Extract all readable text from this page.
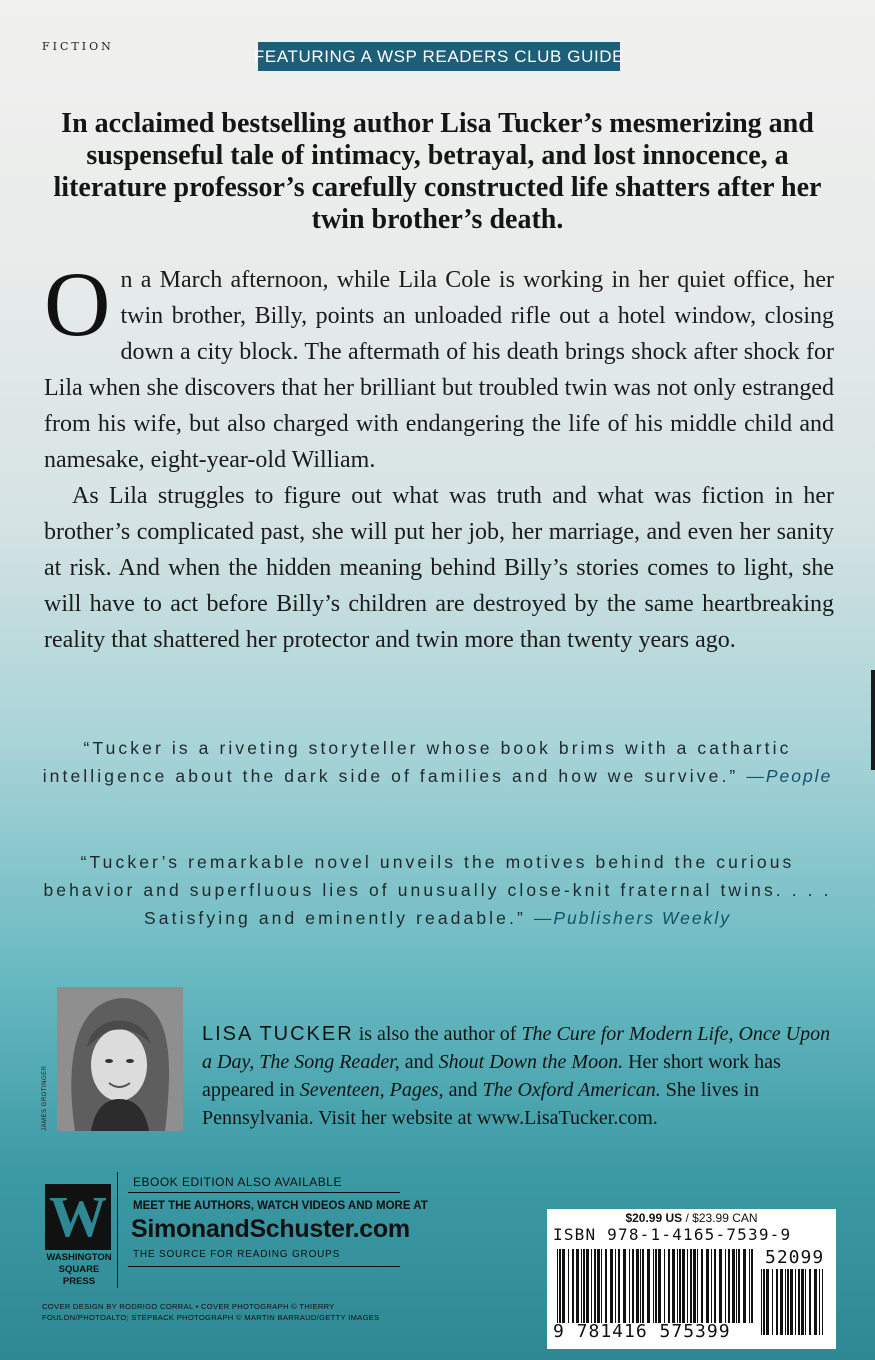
FICTION	FEATURING A WSP READERS CLUB GUIDE
In acclaimed bestselling author Lisa Tucker’s mesmerizing and suspenseful tale of intimacy, betrayal, and lost innocence, a literature professor’s carefully constructed life shatters after her twin brother’s death.

On a March afternoon, while Lila Cole is working in her quiet office, her twin brother, Billy, points an unloaded rifle out a hotel window, closing down a city block. The aftermath of his death brings shock after shock for Lila when she discovers that her brilliant but troubled twin was not only estranged from his wife, but also charged with endangering the life of his middle child and namesake, eight-year-old William.

As Lila struggles to figure out what was truth and what was fiction in her brother’s complicated past, she will put her job, her marriage, and even her sanity at risk. And when the hidden meaning behind Billy’s stories comes to light, she will have to act before Billy’s children are destroyed by the same heartbreaking reality that shattered her protector and twin more than twenty years ago.

“Tucker is a riveting storyteller whose book brims with a cathartic intelligence about the dark side of families and how we survive.” —People
“Tucker’s remarkable novel unveils the motives behind the curious behavior and superfluous lies of unusually close-knit fraternal twins. . . . Satisfying and eminently readable.” —Publishers Weekly
JAMES GROTINGER
LISA TUCKER is also the author of The Cure for Modern Life, Once Upon a Day, The Song Reader, and Shout Down the Moon. Her short work has appeared in Seventeen, Pages, and The Oxford American. She lives in Pennsylvania. Visit her website at www.LisaTucker.com.
W
WASHINGTON SQUARE PRESS
EBOOK EDITION ALSO AVAILABLE
MEET THE AUTHORS, WATCH VIDEOS AND MORE AT
SimonandSchuster.com
THE SOURCE FOR READING GROUPS
COVER DESIGN BY RODRIGO CORRAL • COVER PHOTOGRAPH © THIERRY FOULON/PHOTOALTO; STEPBACK PHOTOGRAPH © MARTIN BARRAUD/GETTY IMAGES
$20.99 US / $23.99 CAN
ISBN 978-1-4165-7539-9
52099
9 781416 575399
